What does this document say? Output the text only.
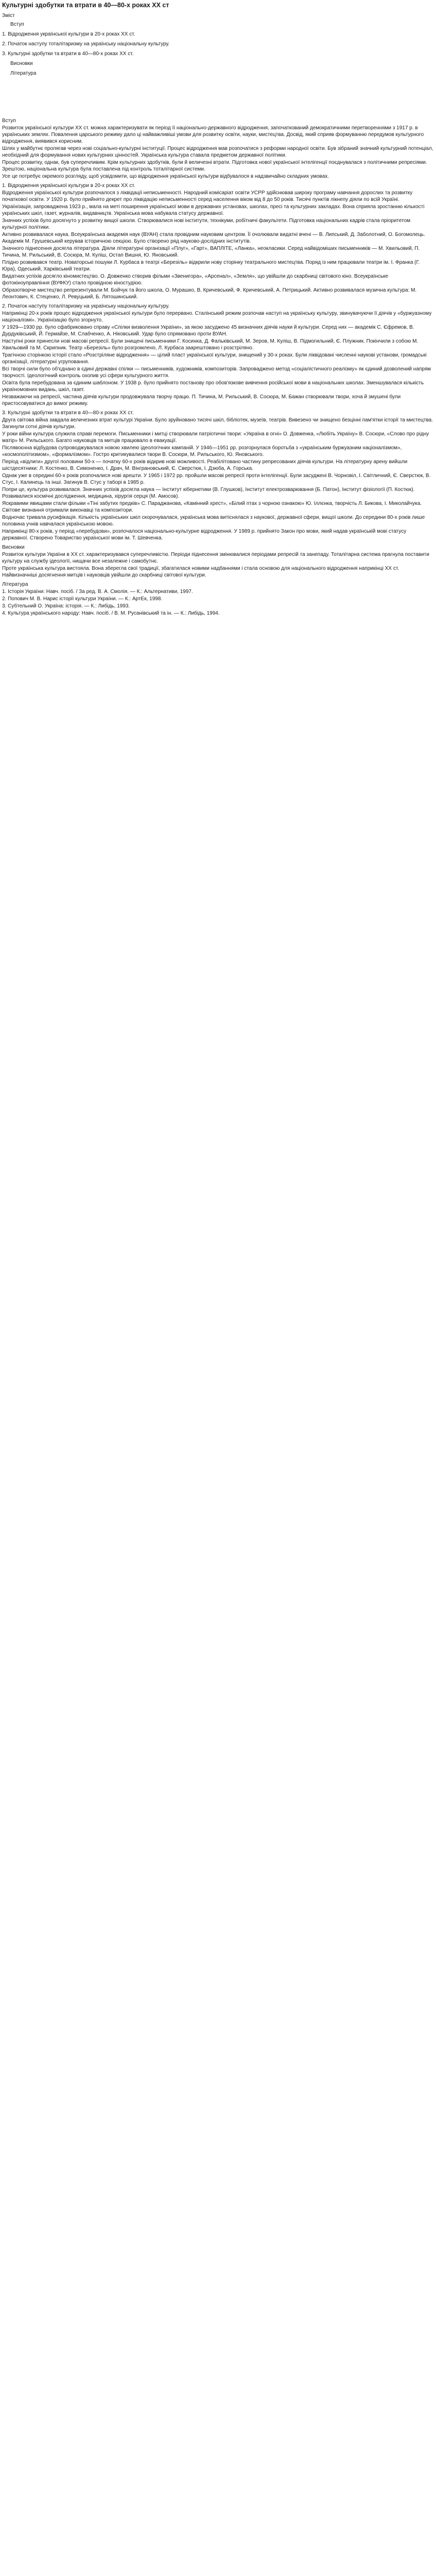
Культурні здобутки та втрати в 40—80-х роках XX ст
Зміст
Вступ
1. Відродження української культури в 20-х роках XX ст.
2. Початок наступу тоталітаризму на українську національну культуру.
3. Культурні здобутки та втрати в 40—80-х роках XX ст.
Висновки
Література

Вступ

Розвиток української культури XX ст. можна характеризувати як період її національно-державного відродження, започаткований демократичними перетвореннями з 1917 р. в українських землях. Повалення царського режиму дало ці найважливіші умови для розвитку освіти, науки, мистецтва. Досвід, який сприяв формуванню передумов культурного відродження, виявився корисним.

Шлях у майбутнє пролягав через нові соціально-культурні інституції. Процес відродження мав розпочатися з реформи народної освіти. Був зібраний значний культурний потенціал, необхідний для формування нових культурних цінностей. Українська культура ставала предметом державної політики.

Процес розвитку, однак, був суперечливим. Крім культурних здобутків, були й величезні втрати. Підготовка нової української інтелігенції поєднувалася з політичними репресіями. Зрештою, національна культура була поставлена під контроль тоталітарної системи.

Усе це потребує окремого розгляду, щоб усвідомити, що відродження української культури відбувалося в надзвичайно складних умовах.

1. Відродження української культури в 20-х роках XX ст.

Відродження української культури розпочалося з ліквідації неписьменності. Народний комісаріат освіти УСРР здійснював широку програму навчання дорослих та розвитку початкової освіти. У 1920 р. було прийнято декрет про ліквідацію неписьменності серед населення віком від 8 до 50 років. Тисячі пунктів лікнепу діяли по всій Україні.

Українізація, запроваджена 1923 р., мала на меті поширення української мови в державних установах, школах, пресі та культурних закладах. Вона сприяла зростанню кількості українських шкіл, газет, журналів, видавництв. Українська мова набувала статусу державної.

Значних успіхів було досягнуто у розвитку вищої школи. Створювалися нові інститути, технікуми, робітничі факультети. Підготовка національних кадрів стала пріоритетом культурної політики.

Активно розвивалася наука. Всеукраїнська академія наук (ВУАН) стала провідним науковим центром. Її очолювали видатні вчені — В. Липський, Д. Заболотний, О. Богомолець. Академік М. Грушевський керував історичною секцією. Було створено ряд науково-дослідних інститутів.

Значного піднесення досягла література. Діяли літературні організації «Плуг», «Гарт», ВАПЛІТЕ, «Ланка», неокласики. Серед найвідоміших письменників — М. Хвильовий, П. Тичина, М. Рильський, В. Сосюра, М. Куліш, Остап Вишня, Ю. Яновський.

Плідно розвивався театр. Новаторські пошуки Л. Курбаса в театрі «Березіль» відкрили нову сторінку театрального мистецтва. Поряд із ним працювали театри ім. І. Франка (Г. Юра), Одеський, Харківський театри.

Видатних успіхів досягло кіномистецтво. О. Довженко створив фільми «Звенигора», «Арсенал», «Земля», що увійшли до скарбниці світового кіно. Всеукраїнське фотокіноуправління (ВУФКУ) стало провідною кіностудією.

Образотворче мистецтво репрезентували М. Бойчук та його школа, О. Мурашко, В. Кричевський, Ф. Кричевський, А. Петрицький. Активно розвивалася музична культура: М. Леонтович, К. Стеценко, Л. Ревуцький, Б. Лятошинський.

2. Початок наступу тоталітаризму на українську національну культуру.

Наприкінці 20-х років процес відродження української культури було перервано. Сталінський режим розпочав наступ на українську культуру, звинувачуючи її діячів у «буржуазному націоналізмі». Українізацію було згорнуто.

У 1929—1930 рр. було сфабриковано справу «Спілки визволення України», за якою засуджено 45 визначних діячів науки й культури. Серед них — академік С. Єфремов, В. Дурдуківський, Й. Гермайзе, М. Слабченко, А. Ніковський. Удар було спрямовано проти ВУАН.

Наступні роки принесли нові масові репресії. Були знищені письменники Г. Косинка, Д. Фальківський, М. Зеров, М. Куліш, В. Підмогильний, Є. Плужник. Покінчили з собою М. Хвильовий та М. Скрипник. Театр «Березіль» було розгромлено, Л. Курбаса заарештовано і розстріляно.

Трагічною сторінкою історії стало «Розстріляне відродження» — цілий пласт української культури, знищений у 30-х роках. Були ліквідовані численні наукові установи, громадські організації, літературні угруповання.

Всі творчі сили було об'єднано в єдині державні спілки — письменників, художників, композиторів. Запроваджено метод «соціалістичного реалізму» як єдиний дозволений напрям творчості. Ідеологічний контроль охопив усі сфери культурного життя.

Освіта була перебудована за єдиним шаблоном. У 1938 р. було прийнято постанову про обов'язкове вивчення російської мови в національних школах. Зменшувалася кількість україномовних видань, шкіл, газет.

Незважаючи на репресії, частина діячів культури продовжувала творчу працю. П. Тичина, М. Рильський, В. Сосюра, М. Бажан створювали твори, хоча й змушені були пристосовуватися до вимог режиму.

3. Культурні здобутки та втрати в 40—80-х роках XX ст.

Друга світова війна завдала величезних втрат культурі України. Було зруйновано тисячі шкіл, бібліотек, музеїв, театрів. Вивезено чи знищено безцінні пам'ятки історії та мистецтва. Загинули сотні діячів культури.

У роки війни культура служила справі перемоги. Письменники і митці створювали патріотичні твори: «Україна в огні» О. Довженка, «Любіть Україну» В. Сосюри, «Слово про рідну матір» М. Рильського. Багато науковців та митців працювало в евакуації.

Післявоєнна відбудова супроводжувалася новою хвилею ідеологічних кампаній. У 1946—1951 рр. розгорнулася боротьба з «українським буржуазним націоналізмом», «космополітизмом», «формалізмом». Гостро критикувалися твори В. Сосюри, М. Рильського, Ю. Яновського.

Період «відлиги» другої половини 50-х — початку 60-х років відкрив нові можливості. Реабілітовано частину репресованих діячів культури. На літературну арену вийшли шістдесятники: Л. Костенко, В. Симоненко, І. Драч, М. Вінграновський, Є. Сверстюк, І. Дзюба, А. Горська.

Однак уже в середині 60-х років розпочалися нові арешти. У 1965 і 1972 рр. пройшли масові репресії проти інтелігенції. Були засуджені В. Чорновіл, І. Світличний, Є. Сверстюк, В. Стус, І. Калинець та інші. Загинув В. Стус у таборі в 1985 р.

Попри це, культура розвивалася. Значних успіхів досягла наука — Інститут кібернетики (В. Глушков), Інститут електрозварювання (Б. Патон), Інститут фізіології (П. Костюк). Розвивалися космічні дослідження, медицина, хірургія серця (М. Амосов).

Яскравими явищами стали фільми «Тіні забутих предків» С. Параджанова, «Камінний хрест», «Білий птах з чорною ознакою» Ю. Іллєнка, творчість Л. Биковa, І. Миколайчука. Світове визнання отримали виконавці та композитори.

Водночас тривала русифікація. Кількість українських шкіл скорочувалася, українська мова витіснялася з наукової, державної сфери, вищої школи. До середини 80-х років лише половина учнів навчалася українською мовою.

Наприкінці 80-х років, у період «перебудови», розпочалося національно-культурне відродження. У 1989 р. прийнято Закон про мови, який надав українській мові статусу державної. Створено Товариство української мови ім. Т. Шевченка.

Висновки

Розвиток культури України в XX ст. характеризувався суперечливістю. Періоди піднесення змінювалися періодами репресій та занепаду. Тоталітарна система прагнула поставити культуру на службу ідеології, нищачи все незалежне і самобутнє.

Проте українська культура вистояла. Вона зберегла свої традиції, збагатилася новими надбаннями і стала основою для національного відродження наприкінці XX ст. Найвизначніші досягнення митців і науковців увійшли до скарбниці світової культури.

Література

1. Історія України: Навч. посіб. / За ред. В. А. Смолія. — К.: Альтернативи, 1997.

2. Попович М. В. Нарис історії культури України. — К.: АртЕк, 1998.

3. Субтельний О. Україна: історія. — К.: Либідь, 1993.

4. Культура українського народу: Навч. посіб. / В. М. Русанівський та ін. — К.: Либідь, 1994.
